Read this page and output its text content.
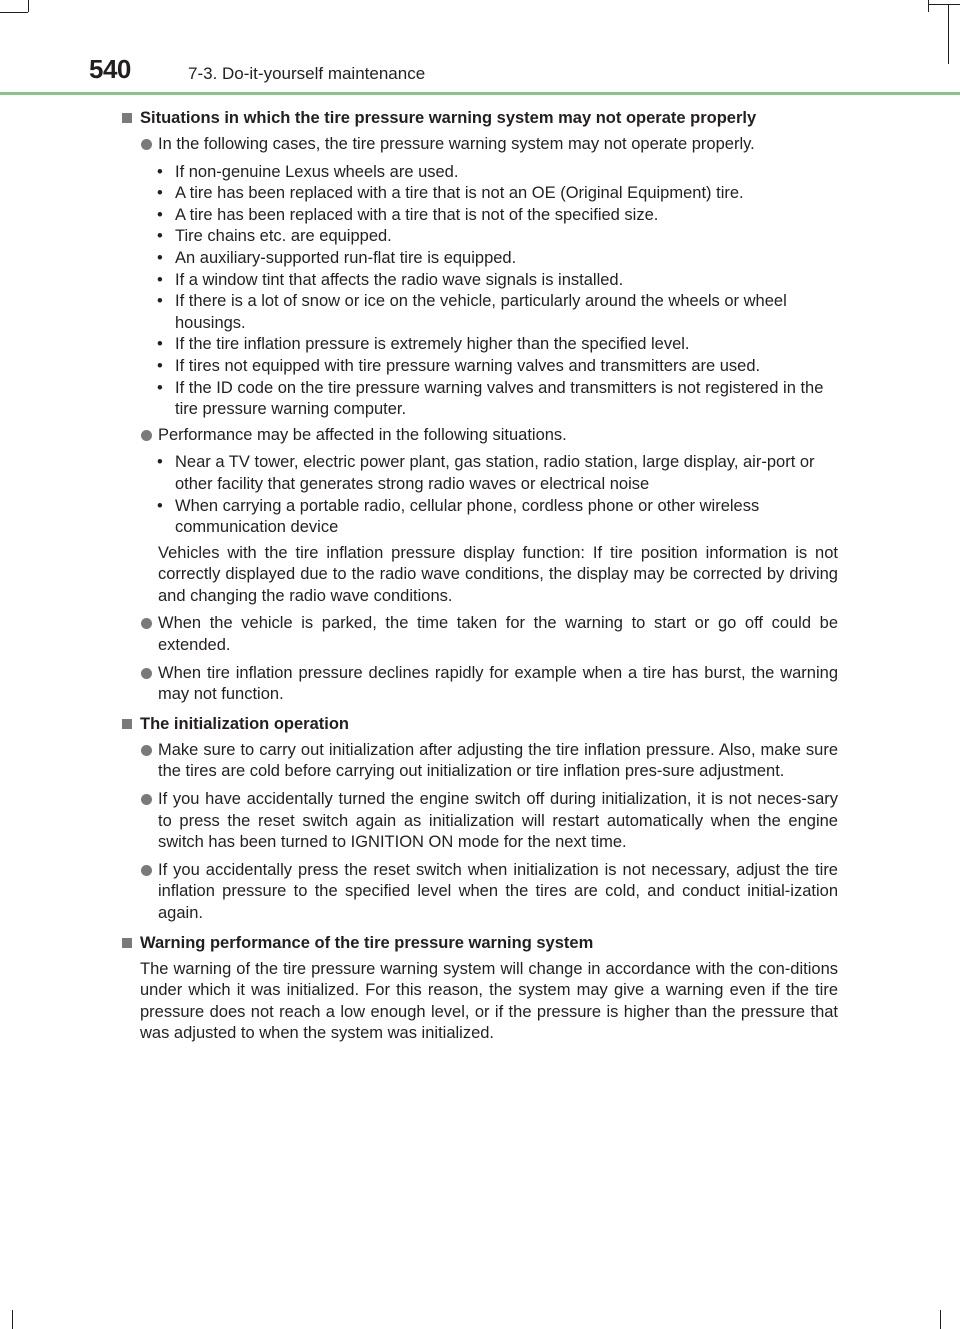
540	7-3. Do-it-yourself maintenance
Situations in which the tire pressure warning system may not operate properly
In the following cases, the tire pressure warning system may not operate properly.
• If non-genuine Lexus wheels are used.
• A tire has been replaced with a tire that is not an OE (Original Equipment) tire.
• A tire has been replaced with a tire that is not of the specified size.
• Tire chains etc. are equipped.
• An auxiliary-supported run-flat tire is equipped.
• If a window tint that affects the radio wave signals is installed.
• If there is a lot of snow or ice on the vehicle, particularly around the wheels or wheel housings.
• If the tire inflation pressure is extremely higher than the specified level.
• If tires not equipped with tire pressure warning valves and transmitters are used.
• If the ID code on the tire pressure warning valves and transmitters is not registered in the tire pressure warning computer.
Performance may be affected in the following situations.
• Near a TV tower, electric power plant, gas station, radio station, large display, air-port or other facility that generates strong radio waves or electrical noise
• When carrying a portable radio, cellular phone, cordless phone or other wireless communication device
Vehicles with the tire inflation pressure display function: If tire position information is not correctly displayed due to the radio wave conditions, the display may be corrected by driving and changing the radio wave conditions.
When the vehicle is parked, the time taken for the warning to start or go off could be extended.
When tire inflation pressure declines rapidly for example when a tire has burst, the warning may not function.
The initialization operation
Make sure to carry out initialization after adjusting the tire inflation pressure. Also, make sure the tires are cold before carrying out initialization or tire inflation pres-sure adjustment.
If you have accidentally turned the engine switch off during initialization, it is not neces-sary to press the reset switch again as initialization will restart automatically when the engine switch has been turned to IGNITION ON mode for the next time.
If you accidentally press the reset switch when initialization is not necessary, adjust the tire inflation pressure to the specified level when the tires are cold, and conduct initial-ization again.
Warning performance of the tire pressure warning system
The warning of the tire pressure warning system will change in accordance with the con-ditions under which it was initialized. For this reason, the system may give a warning even if the tire pressure does not reach a low enough level, or if the pressure is higher than the pressure that was adjusted to when the system was initialized.
